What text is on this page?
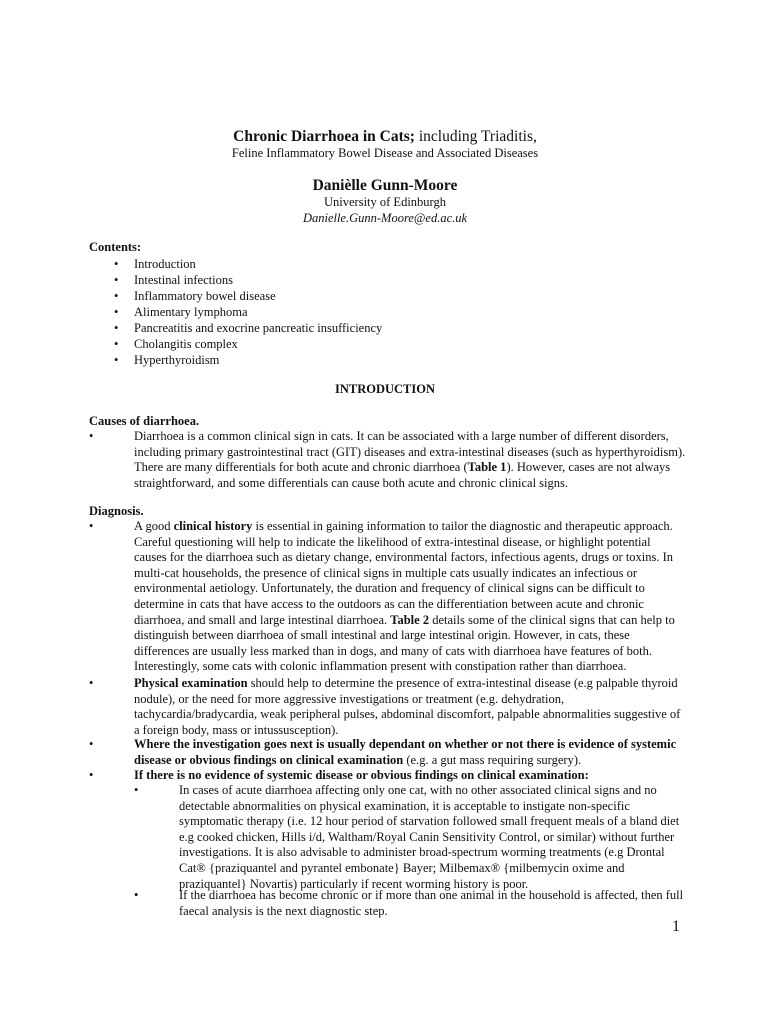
Chronic Diarrhoea in Cats; including Triaditis,
Feline Inflammatory Bowel Disease and Associated Diseases
Danièlle Gunn-Moore
University of Edinburgh
Danielle.Gunn-Moore@ed.ac.uk
Contents:
• Introduction
• Intestinal infections
• Inflammatory bowel disease
• Alimentary lymphoma
• Pancreatitis and exocrine pancreatic insufficiency
• Cholangitis complex
• Hyperthyroidism
INTRODUCTION
Causes of diarrhoea.
•	Diarrhoea is a common clinical sign in cats. It can be associated with a large number of different disorders, including primary gastrointestinal tract (GIT) diseases and extra-intestinal diseases (such as hyperthyroidism). There are many differentials for both acute and chronic diarrhoea (Table 1). However, cases are not always straightforward, and some differentials can cause both acute and chronic clinical signs.
Diagnosis.
•	A good clinical history is essential in gaining information to tailor the diagnostic and therapeutic approach. Careful questioning will help to indicate the likelihood of extra-intestinal disease, or highlight potential causes for the diarrhoea such as dietary change, environmental factors, infectious agents, drugs or toxins. In multi-cat households, the presence of clinical signs in multiple cats usually indicates an infectious or environmental aetiology. Unfortunately, the duration and frequency of clinical signs can be difficult to determine in cats that have access to the outdoors as can the differentiation between acute and chronic diarrhoea, and small and large intestinal diarrhoea. Table 2 details some of the clinical signs that can help to distinguish between diarrhoea of small intestinal and large intestinal origin. However, in cats, these differences are usually less marked than in dogs, and many of cats with diarrhoea have features of both. Interestingly, some cats with colonic inflammation present with constipation rather than diarrhoea.
•	Physical examination should help to determine the presence of extra-intestinal disease (e.g palpable thyroid nodule), or the need for more aggressive investigations or treatment (e.g. dehydration, tachycardia/bradycardia, weak peripheral pulses, abdominal discomfort, palpable abnormalities suggestive of a foreign body, mass or intussusception).
•	Where the investigation goes next is usually dependant on whether or not there is evidence of systemic disease or obvious findings on clinical examination (e.g. a gut mass requiring surgery).
•	If there is no evidence of systemic disease or obvious findings on clinical examination:
•	In cases of acute diarrhoea affecting only one cat, with no other associated clinical signs and no detectable abnormalities on physical examination, it is acceptable to instigate non-specific symptomatic therapy (i.e. 12 hour period of starvation followed small frequent meals of a bland diet e.g cooked chicken, Hills i/d, Waltham/Royal Canin Sensitivity Control, or similar) without further investigations. It is also advisable to administer broad-spectrum worming treatments (e.g Drontal Cat® {praziquantel and pyrantel embonate} Bayer; Milbemax® {milbemycin oxime and praziquantel} Novartis) particularly if recent worming history is poor.
•	If the diarrhoea has become chronic or if more than one animal in the household is affected, then full faecal analysis is the next diagnostic step.
1
